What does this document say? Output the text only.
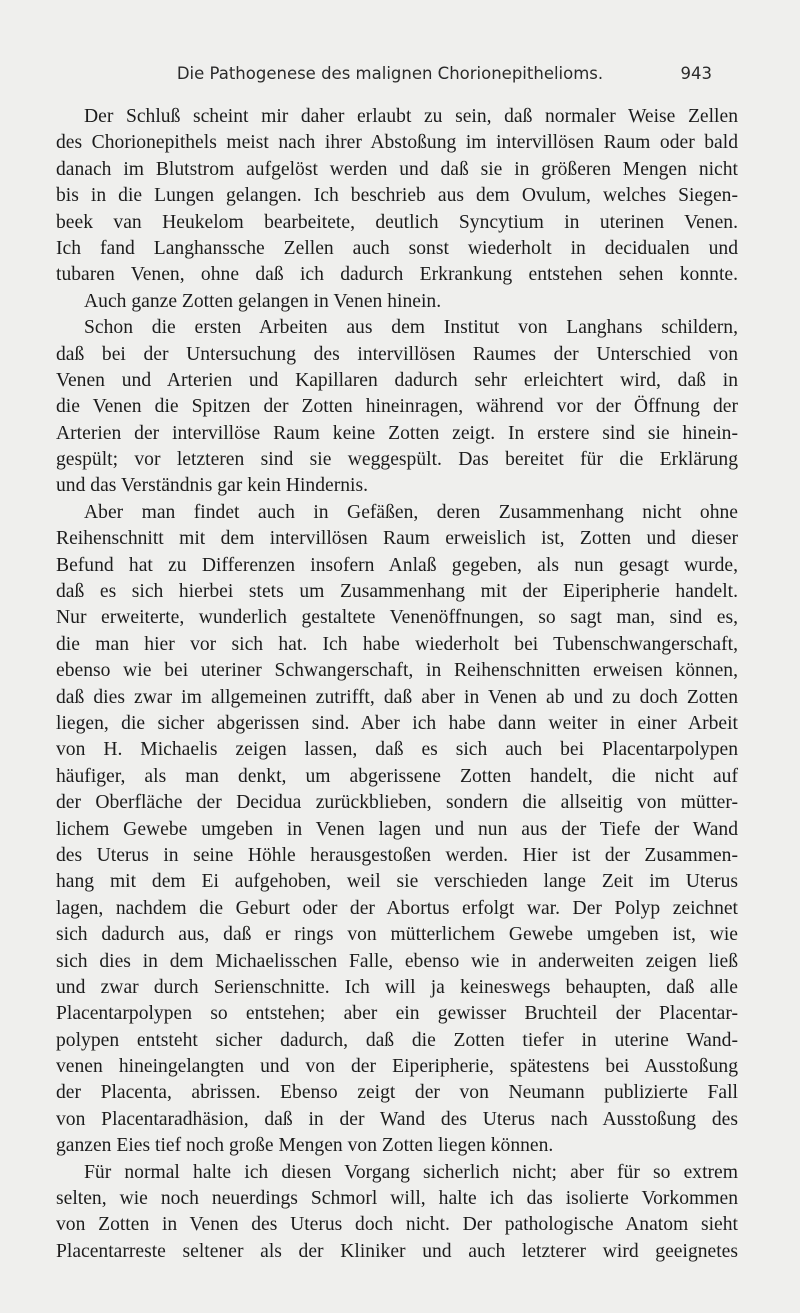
Die Pathogenese des malignen Chorionepithelioms.	943
Der Schluß scheint mir daher erlaubt zu sein, daß normaler Weise Zellen
des Chorionepithels meist nach ihrer Abstoßung im intervillösen Raum oder bald
danach im Blutstrom aufgelöst werden und daß sie in größeren Mengen nicht
bis in die Lungen gelangen. Ich beschrieb aus dem Ovulum, welches Siegen-
beek van Heukelom bearbeitete, deutlich Syncytium in uterinen Venen.
Ich fand Langhanssche Zellen auch sonst wiederholt in decidualen und
tubaren Venen, ohne daß ich dadurch Erkrankung entstehen sehen konnte.
Auch ganze Zotten gelangen in Venen hinein.
Schon die ersten Arbeiten aus dem Institut von Langhans schildern,
daß bei der Untersuchung des intervillösen Raumes der Unterschied von
Venen und Arterien und Kapillaren dadurch sehr erleichtert wird, daß in
die Venen die Spitzen der Zotten hineinragen, während vor der Öffnung der
Arterien der intervillöse Raum keine Zotten zeigt. In erstere sind sie hinein-
gespült; vor letzteren sind sie weggespült. Das bereitet für die Erklärung
und das Verständnis gar kein Hindernis.
Aber man findet auch in Gefäßen, deren Zusammenhang nicht ohne
Reihenschnitt mit dem intervillösen Raum erweislich ist, Zotten und dieser
Befund hat zu Differenzen insofern Anlaß gegeben, als nun gesagt wurde,
daß es sich hierbei stets um Zusammenhang mit der Eiperipherie handelt.
Nur erweiterte, wunderlich gestaltete Venenöffnungen, so sagt man, sind es,
die man hier vor sich hat. Ich habe wiederholt bei Tubenschwangerschaft,
ebenso wie bei uteriner Schwangerschaft, in Reihenschnitten erweisen können,
daß dies zwar im allgemeinen zutrifft, daß aber in Venen ab und zu doch Zotten
liegen, die sicher abgerissen sind. Aber ich habe dann weiter in einer Arbeit
von H. Michaelis zeigen lassen, daß es sich auch bei Placentarpolypen
häufiger, als man denkt, um abgerissene Zotten handelt, die nicht auf
der Oberfläche der Decidua zurückblieben, sondern die allseitig von mütter-
lichem Gewebe umgeben in Venen lagen und nun aus der Tiefe der Wand
des Uterus in seine Höhle herausgestoßen werden. Hier ist der Zusammen-
hang mit dem Ei aufgehoben, weil sie verschieden lange Zeit im Uterus
lagen, nachdem die Geburt oder der Abortus erfolgt war. Der Polyp zeichnet
sich dadurch aus, daß er rings von mütterlichem Gewebe umgeben ist, wie
sich dies in dem Michaelisschen Falle, ebenso wie in anderweiten zeigen ließ
und zwar durch Serienschnitte. Ich will ja keineswegs behaupten, daß alle
Placentarpolypen so entstehen; aber ein gewisser Bruchteil der Placentar-
polypen entsteht sicher dadurch, daß die Zotten tiefer in uterine Wand-
venen hineingelangten und von der Eiperipherie, spätestens bei Ausstoßung
der Placenta, abrissen. Ebenso zeigt der von Neumann publizierte Fall
von Placentaradhäsion, daß in der Wand des Uterus nach Ausstoßung des
ganzen Eies tief noch große Mengen von Zotten liegen können.
Für normal halte ich diesen Vorgang sicherlich nicht; aber für so extrem
selten, wie noch neuerdings Schmorl will, halte ich das isolierte Vorkommen
von Zotten in Venen des Uterus doch nicht. Der pathologische Anatom sieht
Placentarreste seltener als der Kliniker und auch letzterer wird geeignetes
